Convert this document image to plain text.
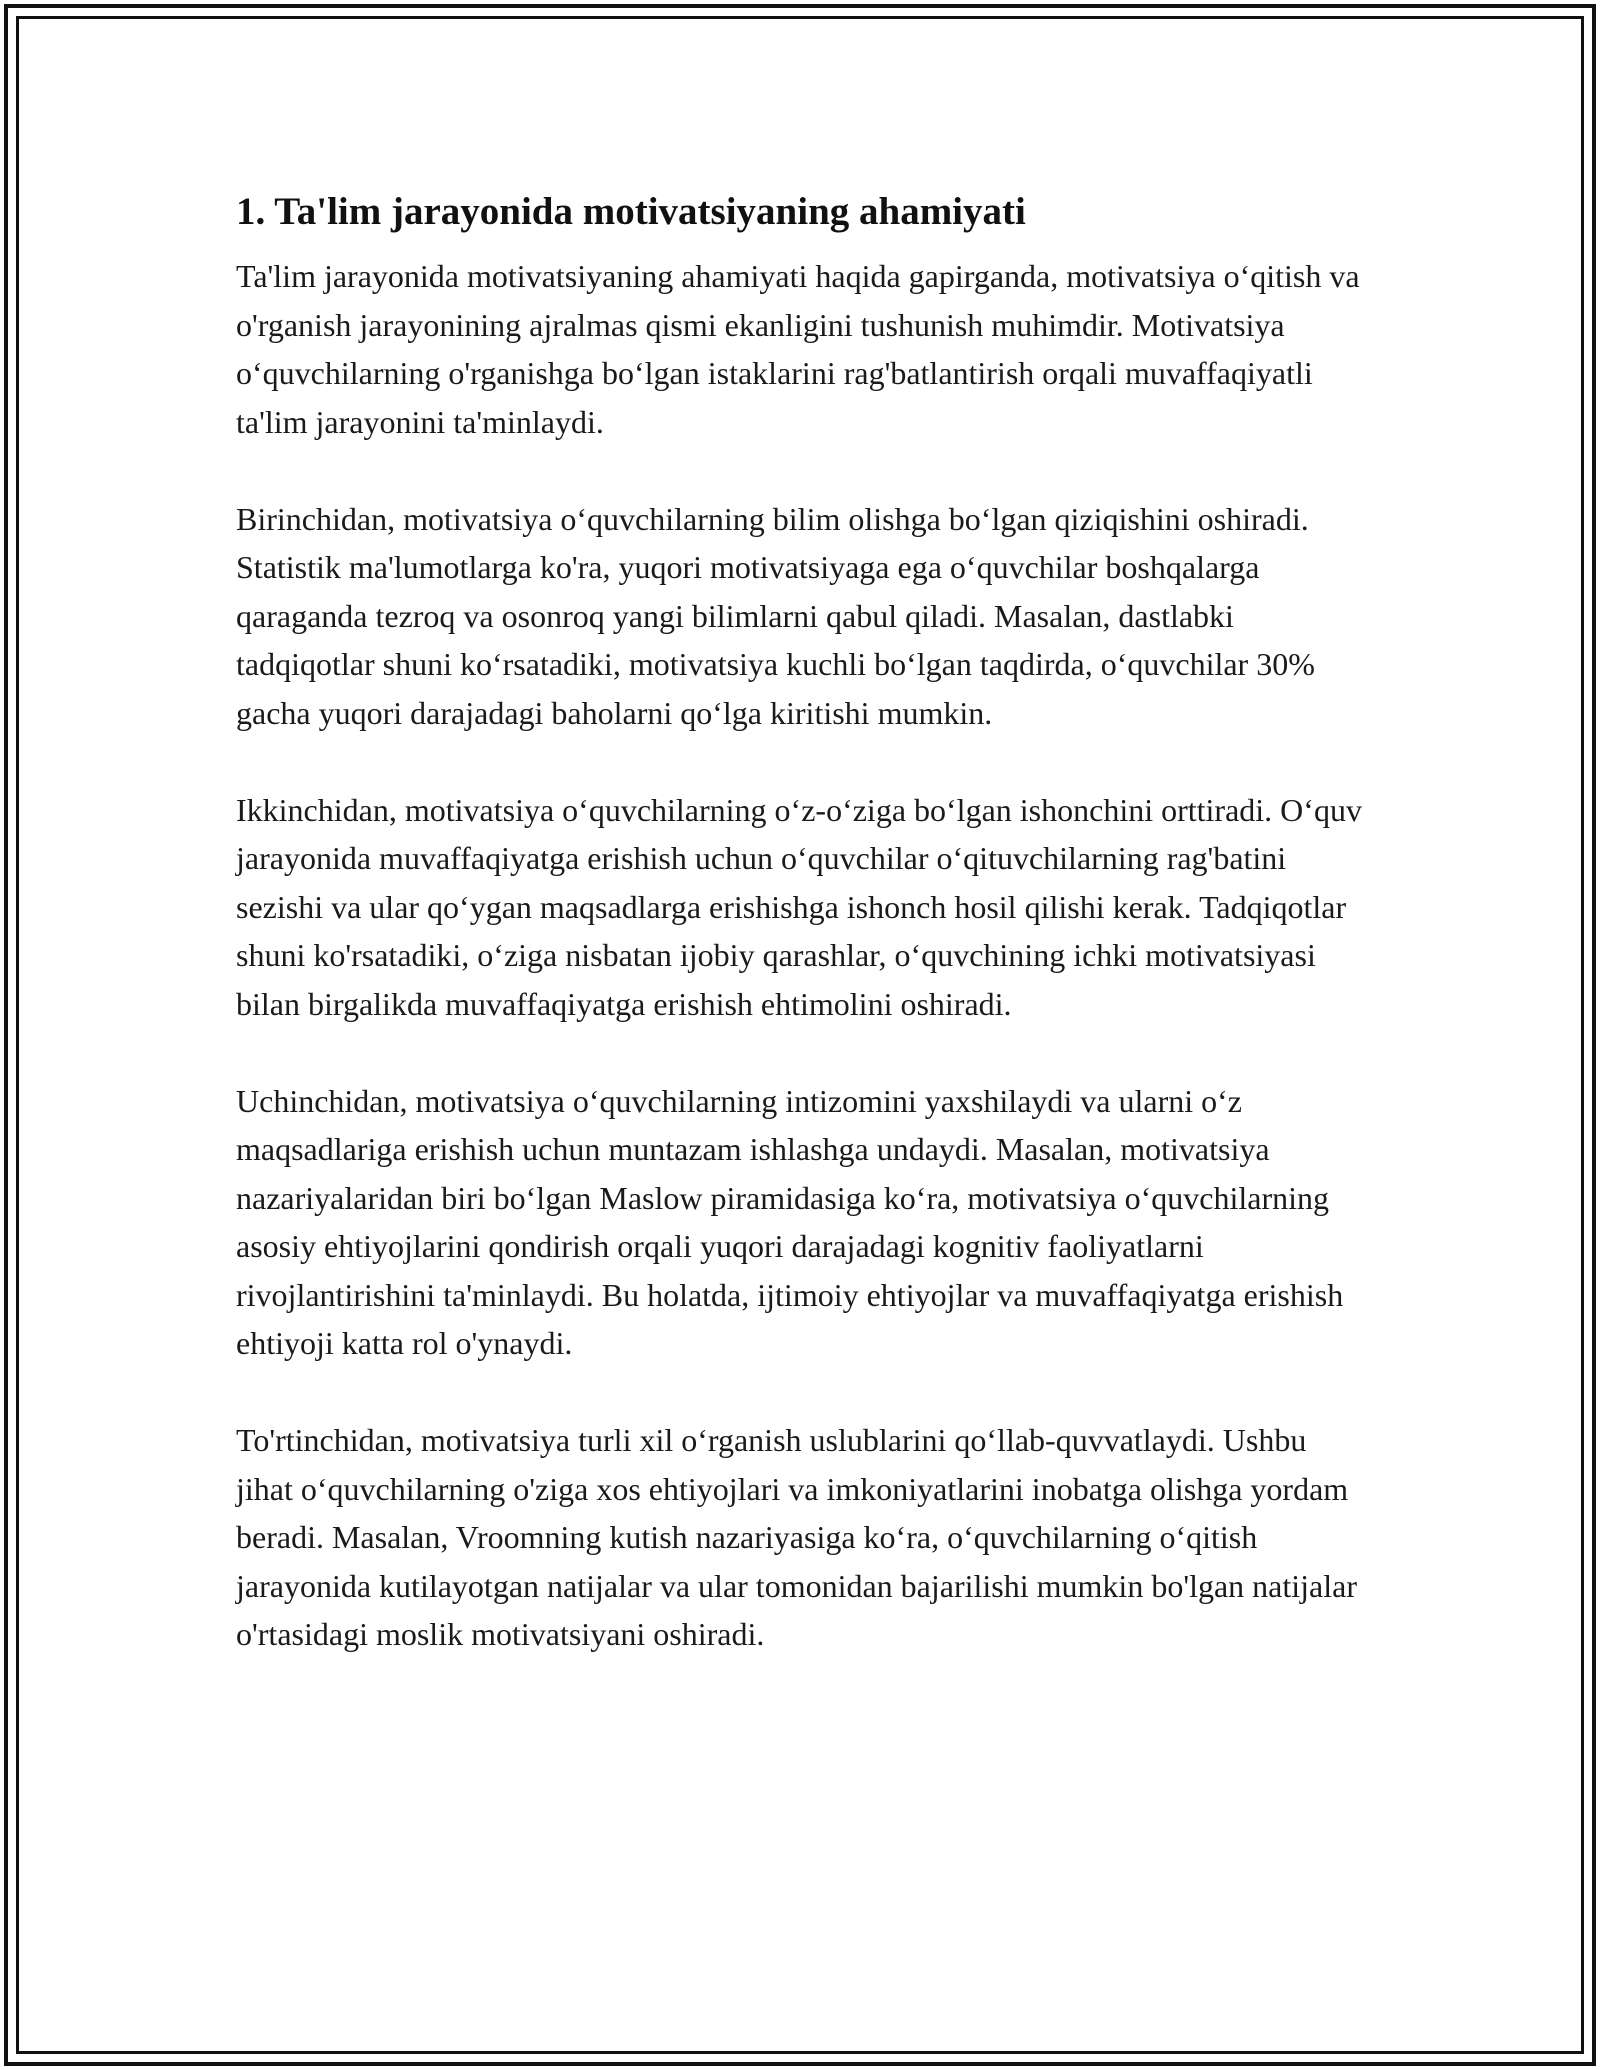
1. Ta'lim jarayonida motivatsiyaning ahamiyati

Ta'lim jarayonida motivatsiyaning ahamiyati haqida gapirganda, motivatsiya o‘qitish va o'rganish jarayonining ajralmas qismi ekanligini tushunish muhimdir. Motivatsiya o‘quvchilarning o'rganishga bo‘lgan istaklarini rag'batlantirish orqali muvaffaqiyatli ta'lim jarayonini ta'minlaydi.

Birinchidan, motivatsiya o‘quvchilarning bilim olishga bo‘lgan qiziqishini oshiradi. Statistik ma'lumotlarga ko'ra, yuqori motivatsiyaga ega o‘quvchilar boshqalarga qaraganda tezroq va osonroq yangi bilimlarni qabul qiladi. Masalan, dastlabki tadqiqotlar shuni ko‘rsatadiki, motivatsiya kuchli bo‘lgan taqdirda, o‘quvchilar 30% gacha yuqori darajadagi baholarni qo‘lga kiritishi mumkin.

Ikkinchidan, motivatsiya o‘quvchilarning o‘z-o‘ziga bo‘lgan ishonchini orttiradi. O‘quv jarayonida muvaffaqiyatga erishish uchun o‘quvchilar o‘qituvchilarning rag'batini sezishi va ular qo‘ygan maqsadlarga erishishga ishonch hosil qilishi kerak. Tadqiqotlar shuni ko'rsatadiki, o‘ziga nisbatan ijobiy qarashlar, o‘quvchining ichki motivatsiyasi bilan birgalikda muvaffaqiyatga erishish ehtimolini oshiradi.

Uchinchidan, motivatsiya o‘quvchilarning intizomini yaxshilaydi va ularni o‘z maqsadlariga erishish uchun muntazam ishlashga undaydi. Masalan, motivatsiya nazariyalaridan biri bo‘lgan Maslow piramidasiga ko‘ra, motivatsiya o‘quvchilarning asosiy ehtiyojlarini qondirish orqali yuqori darajadagi kognitiv faoliyatlarni rivojlantirishini ta'minlaydi. Bu holatda, ijtimoiy ehtiyojlar va muvaffaqiyatga erishish ehtiyoji katta rol o'ynaydi.

To'rtinchidan, motivatsiya turli xil o‘rganish uslublarini qo‘llab-quvvatlaydi. Ushbu jihat o‘quvchilarning o'ziga xos ehtiyojlari va imkoniyatlarini inobatga olishga yordam beradi. Masalan, Vroomning kutish nazariyasiga ko‘ra, o‘quvchilarning o‘qitish jarayonida kutilayotgan natijalar va ular tomonidan bajarilishi mumkin bo'lgan natijalar o'rtasidagi moslik motivatsiyani oshiradi.
